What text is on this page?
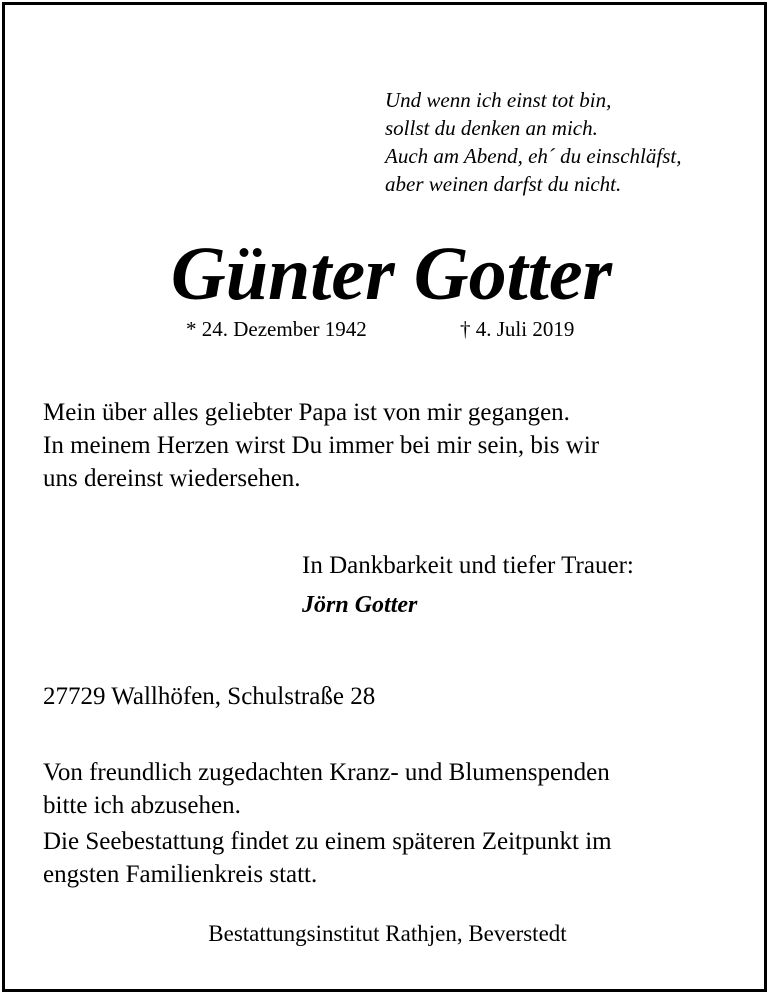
Und wenn ich einst tot bin,
sollst du denken an mich.
Auch am Abend, eh´ du einschläfst,
aber weinen darfst du nicht.
Günter Gotter
* 24. Dezember 1942	† 4. Juli 2019
Mein über alles geliebter Papa ist von mir gegangen.
In meinem Herzen wirst Du immer bei mir sein, bis wir
uns dereinst wiedersehen.
In Dankbarkeit und tiefer Trauer:
Jörn Gotter
27729 Wallhöfen, Schulstraße 28
Von freundlich zugedachten Kranz- und Blumenspenden
bitte ich abzusehen.
Die Seebestattung findet zu einem späteren Zeitpunkt im
engsten Familienkreis statt.
Bestattungsinstitut Rathjen, Beverstedt
